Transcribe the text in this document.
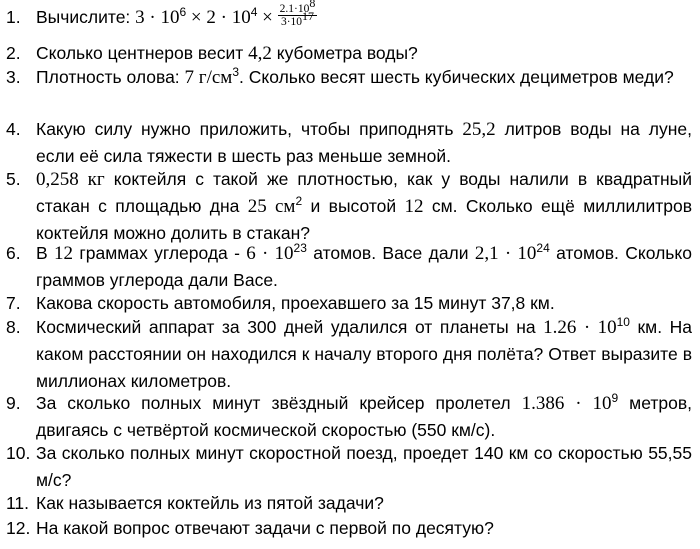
1. Вычислите: $3 \cdot 10^6 \times 2 \cdot 10^4 \times \frac{2.1\cdot 10^8}{3\cdot 10^{17}}$
2. Сколько центнеров весит 4,2 кубометра воды?
3. Плотность олова: 7 $г/см^3$. Сколько весят шесть кубических дециметров меди?
4. Какую силу нужно приложить, чтобы приподнять 25,2 литров воды на луне, если её сила тяжести в шесть раз меньше земной.
5. 0,258 кг коктейля с такой же плотностью, как у воды налили в квадратный стакан с площадью дна 25 $см^2$ и высотой 12 см. Сколько ещё миллилитров коктейля можно долить в стакан?
6. В 12 граммах углерода - $6 \cdot 10^{23}$ атомов. Васе дали $2,1 \cdot 10^{24}$ атомов. Сколько граммов углерода дали Васе.
7. Какова скорость автомобиля, проехавшего за 15 минут 37,8 км.
8. Космический аппарат за 300 дней удалился от планеты на $1.26 \cdot 10^{10}$ км. На каком расстоянии он находился к началу второго дня полёта? Ответ выразите в миллионах километров.
9. За сколько полных минут звёздный крейсер пролетел $1.386 \cdot 10^9$ метров, двигаясь с четвёртой космической скоростью (550 км/с).
10. За сколько полных минут скоростной поезд, проедет 140 км со скоростью 55,55 м/с?
11. Как называется коктейль из пятой задачи?
12. На какой вопрос отвечают задачи с первой по десятую?
